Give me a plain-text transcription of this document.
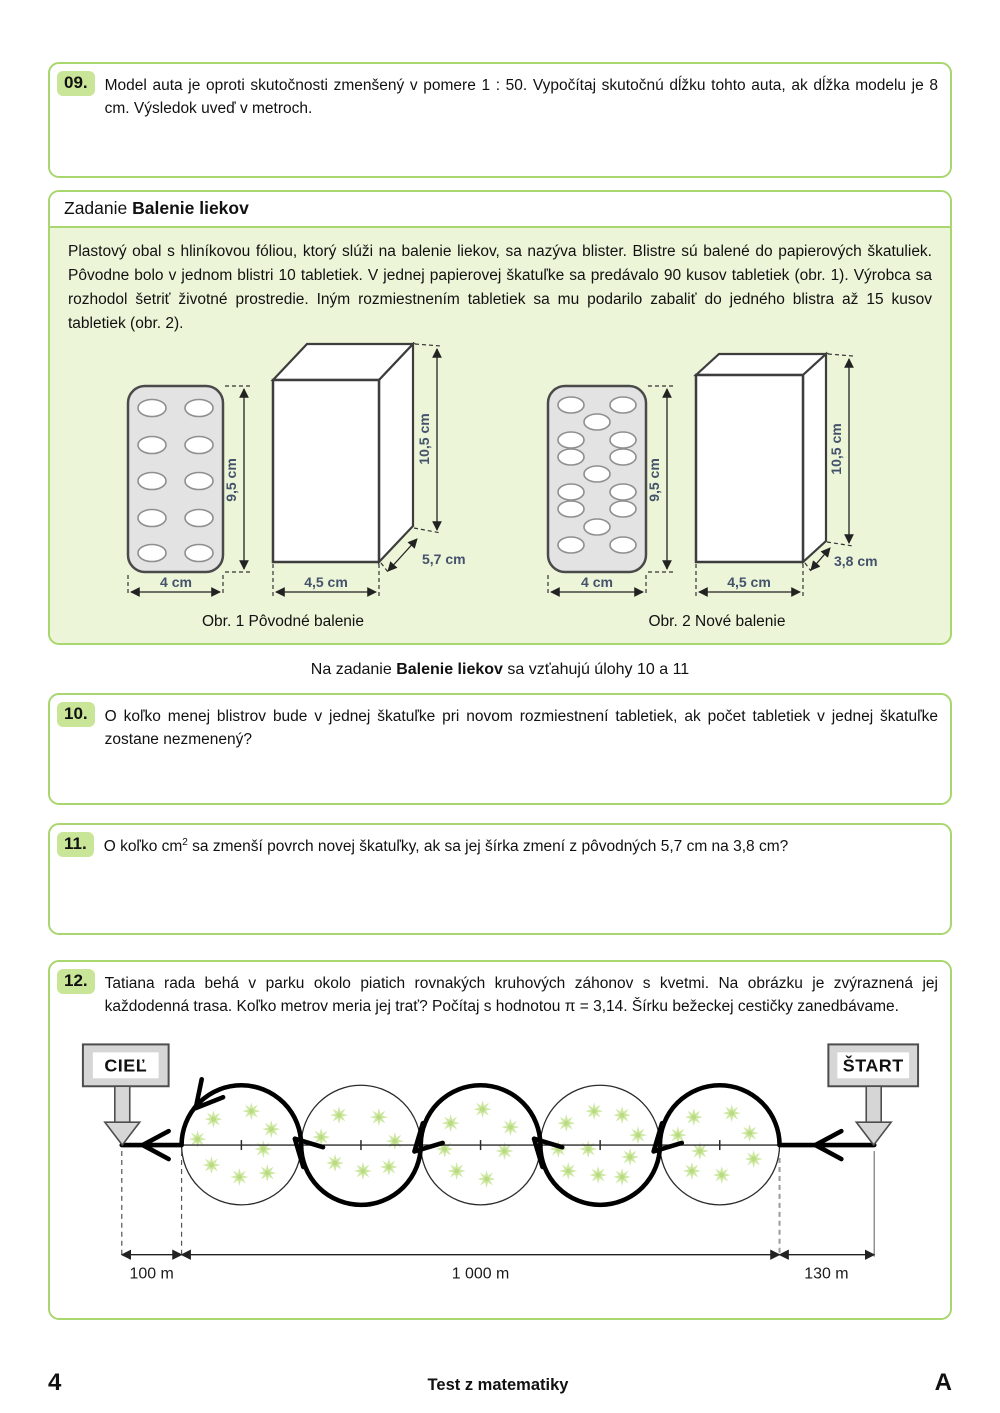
09.	Model auta je oproti skutočnosti zmenšený v pomere 1 : 50. Vypočítaj skutočnú dĺžku tohto auta, ak dĺžka modelu je 8 cm. Výsledok uveď v metroch.
Zadanie Balenie liekov

Plastový obal s hliníkovou fóliou, ktorý slúži na balenie liekov, sa nazýva blister. Blistre sú balené do papierových škatuliek. Pôvodne bolo v jednom blistri 10 tabletiek. V jednej papierovej škatuľke sa predávalo 90 kusov tabletiek (obr. 1). Výrobca sa rozhodol šetriť životné prostredie. Iným rozmiestnením tabletiek sa mu podarilo zabaliť do jedného blistra až 15 kusov tabletiek (obr. 2).

9,5 cm
4 cm
10,5 cm
4,5 cm
5,7 cm
9,5 cm
4 cm
10,5 cm
4,5 cm
3,8 cm
Obr. 1 Pôvodné balenie	Obr. 2 Nové balenie

Na zadanie Balenie liekov sa vzťahujú úlohy 10 a 11

10.	O koľko menej blistrov bude v jednej škatuľke pri novom rozmiestnení tabletiek, ak počet tabletiek v jednej škatuľke zostane nezmenený?
11.	O koľko $cm^2$ sa zmenší povrch novej škatuľky, ak sa jej šírka zmení z pôvodných 5,7 cm na 3,8 cm?
12.	Tatiana rada behá v parku okolo piatich rovnakých kruhových záhonov s kvetmi. Na obrázku je zvýraznená jej každodenná trasa. Koľko metrov meria jej trať? Počítaj s hodnotou π = 3,14. Šírku bežeckej cestičky zanedbávame.
CIEĽ	ŠTART
100 m	1 000 m	130 m
4	Test z matematiky	A
